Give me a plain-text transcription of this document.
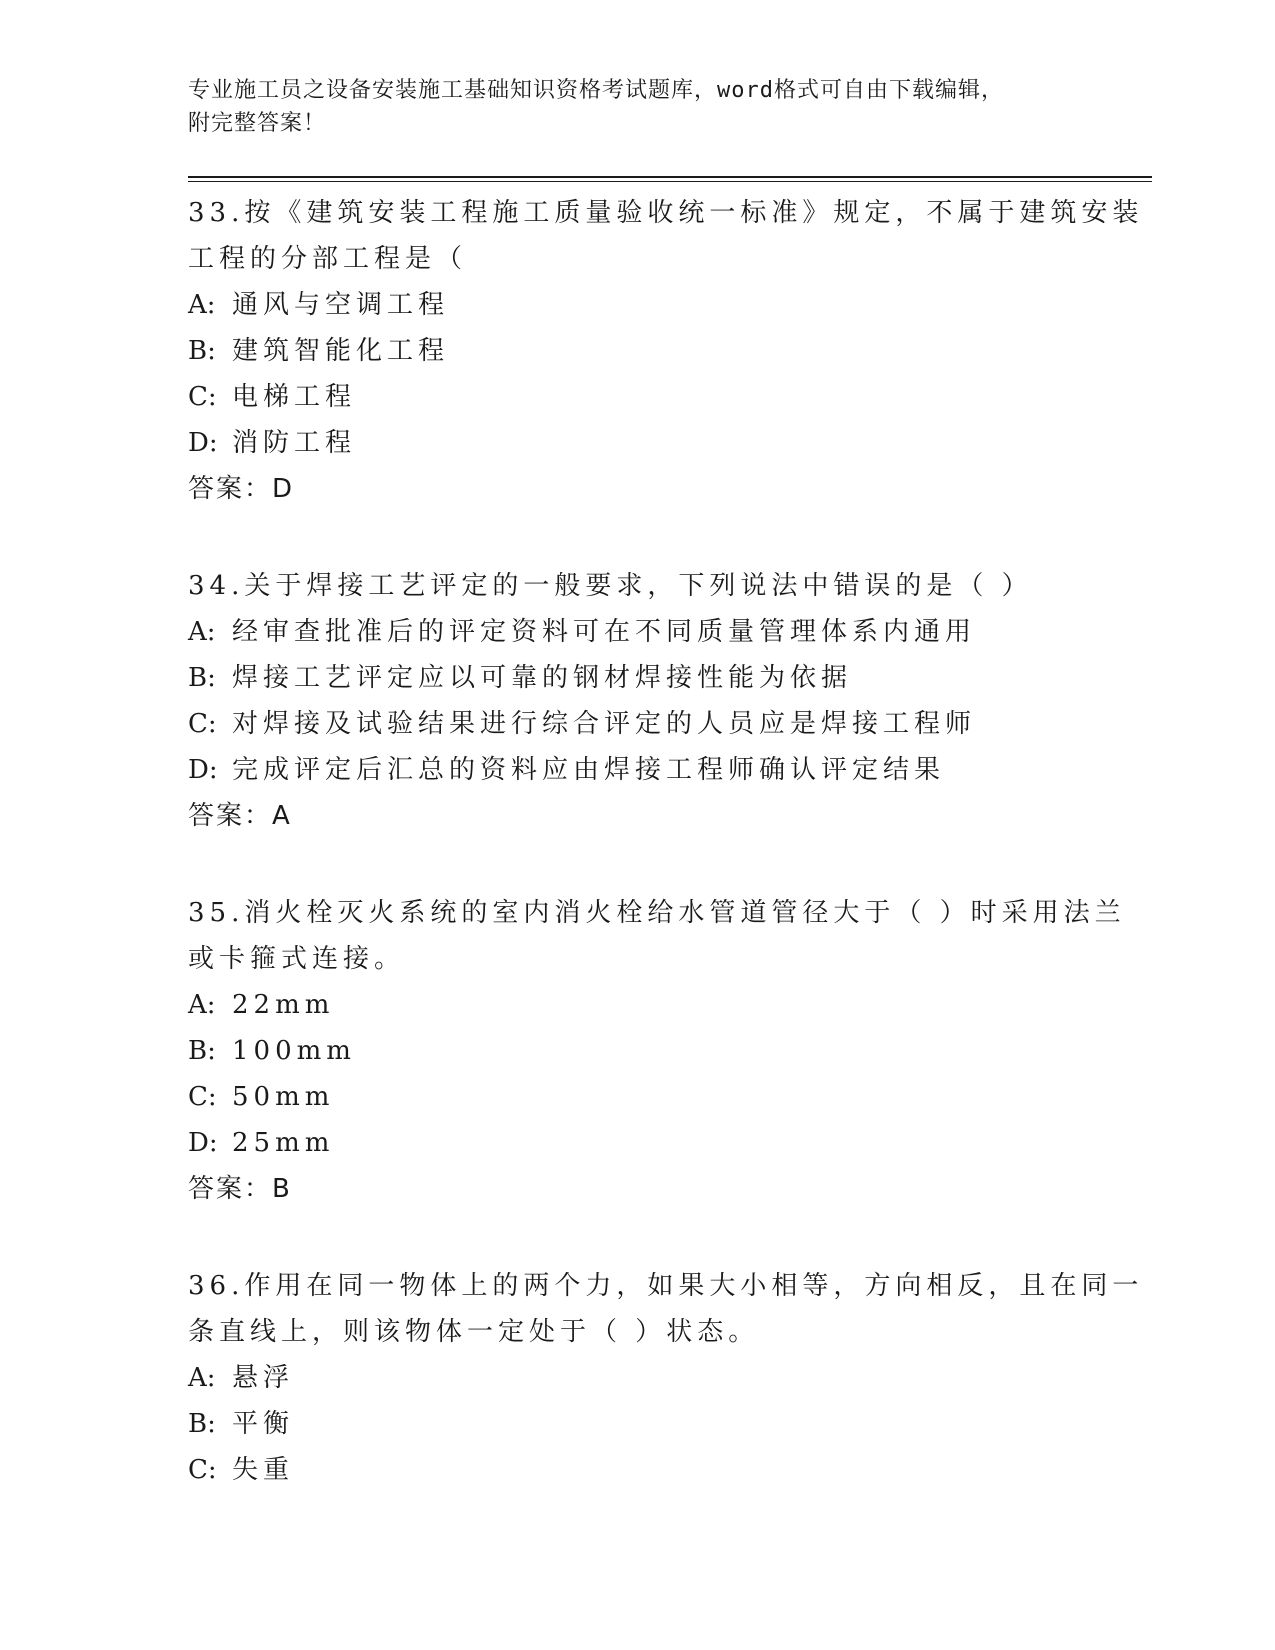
专业施工员之设备安装施工基础知识资格考试题库，word格式可自由下载编辑，
附完整答案！
33.按《建筑安装工程施工质量验收统一标准》规定，不属于建筑安装
工程的分部工程是（
A: 通风与空调工程
B: 建筑智能化工程
C: 电梯工程
D: 消防工程
答案：D
34.关于焊接工艺评定的一般要求，下列说法中错误的是（ ）
A: 经审查批准后的评定资料可在不同质量管理体系内通用
B: 焊接工艺评定应以可靠的钢材焊接性能为依据
C: 对焊接及试验结果进行综合评定的人员应是焊接工程师
D: 完成评定后汇总的资料应由焊接工程师确认评定结果
答案：A
35.消火栓灭火系统的室内消火栓给水管道管径大于（ ）时采用法兰
或卡箍式连接。
A: 22mm
B: 100mm
C: 50mm
D: 25mm
答案：B
36.作用在同一物体上的两个力，如果大小相等，方向相反，且在同一
条直线上，则该物体一定处于（ ）状态。
A: 悬浮
B: 平衡
C: 失重
